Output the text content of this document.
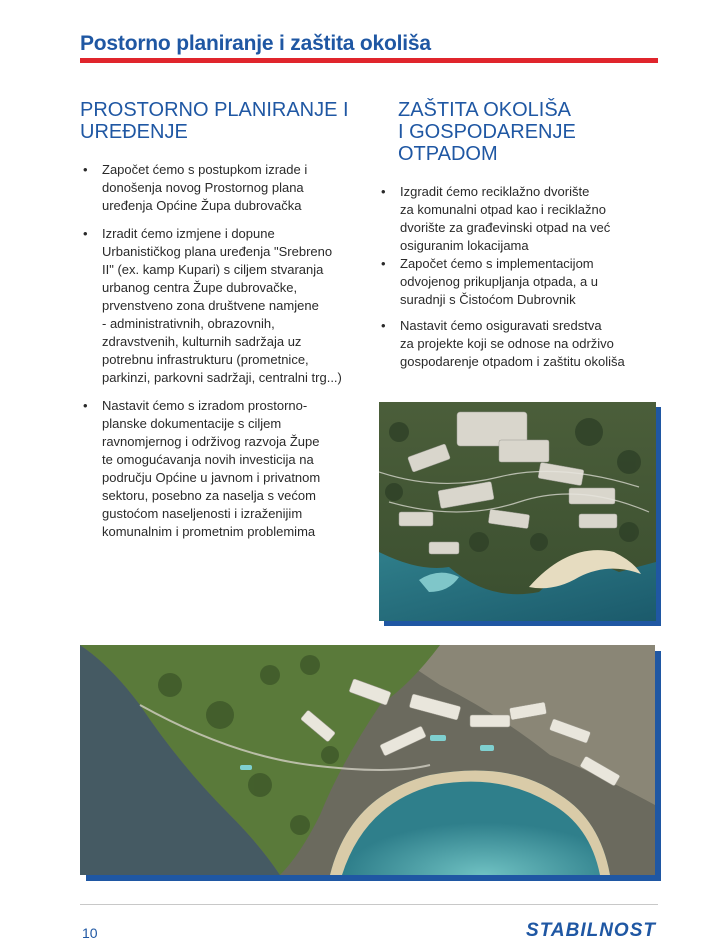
Postorno planiranje i zaštita okoliša
PROSTORNO PLANIRANJE I
UREĐENJE
• Započet ćemo s postupkom izrade i
donošenja novog Prostornog plana
uređenja Općine Župa dubrovačka
• Izradit ćemo izmjene i dopune
Urbanističkog plana uređenja "Srebreno
II" (ex. kamp Kupari) s ciljem stvaranja
urbanog centra Župe dubrovačke,
prvenstveno zona društvene namjene
- administrativnih, obrazovnih,
zdravstvenih, kulturnih sadržaja uz
potrebnu infrastrukturu (prometnice,
parkinzi, parkovni sadržaji, centralni trg...)
• Nastavit ćemo s izradom prostorno-
planske dokumentacije s ciljem
ravnomjernog i održivog razvoja Župe
te omogućavanja novih investicija na
području Općine u javnom i privatnom
sektoru, posebno za naselja s većom
gustoćom naseljenosti i izraženijim
komunalnim i prometnim problemima
ZAŠTITA OKOLIŠA
I GOSPODARENJE
OTPADOM
• Izgradit ćemo reciklažno dvorište
za komunalni otpad kao i reciklažno
dvorište za građevinski otpad na već
osiguranim lokacijama
• Započet ćemo s implementacijom
odvojenog prikupljanja otpada, a u
suradnji s Čistoćom Dubrovnik
• Nastavit ćemo osiguravati sredstva
za projekte koji se odnose na održivo
gospodarenje otpadom i zaštitu okoliša
10	STABILNOST
